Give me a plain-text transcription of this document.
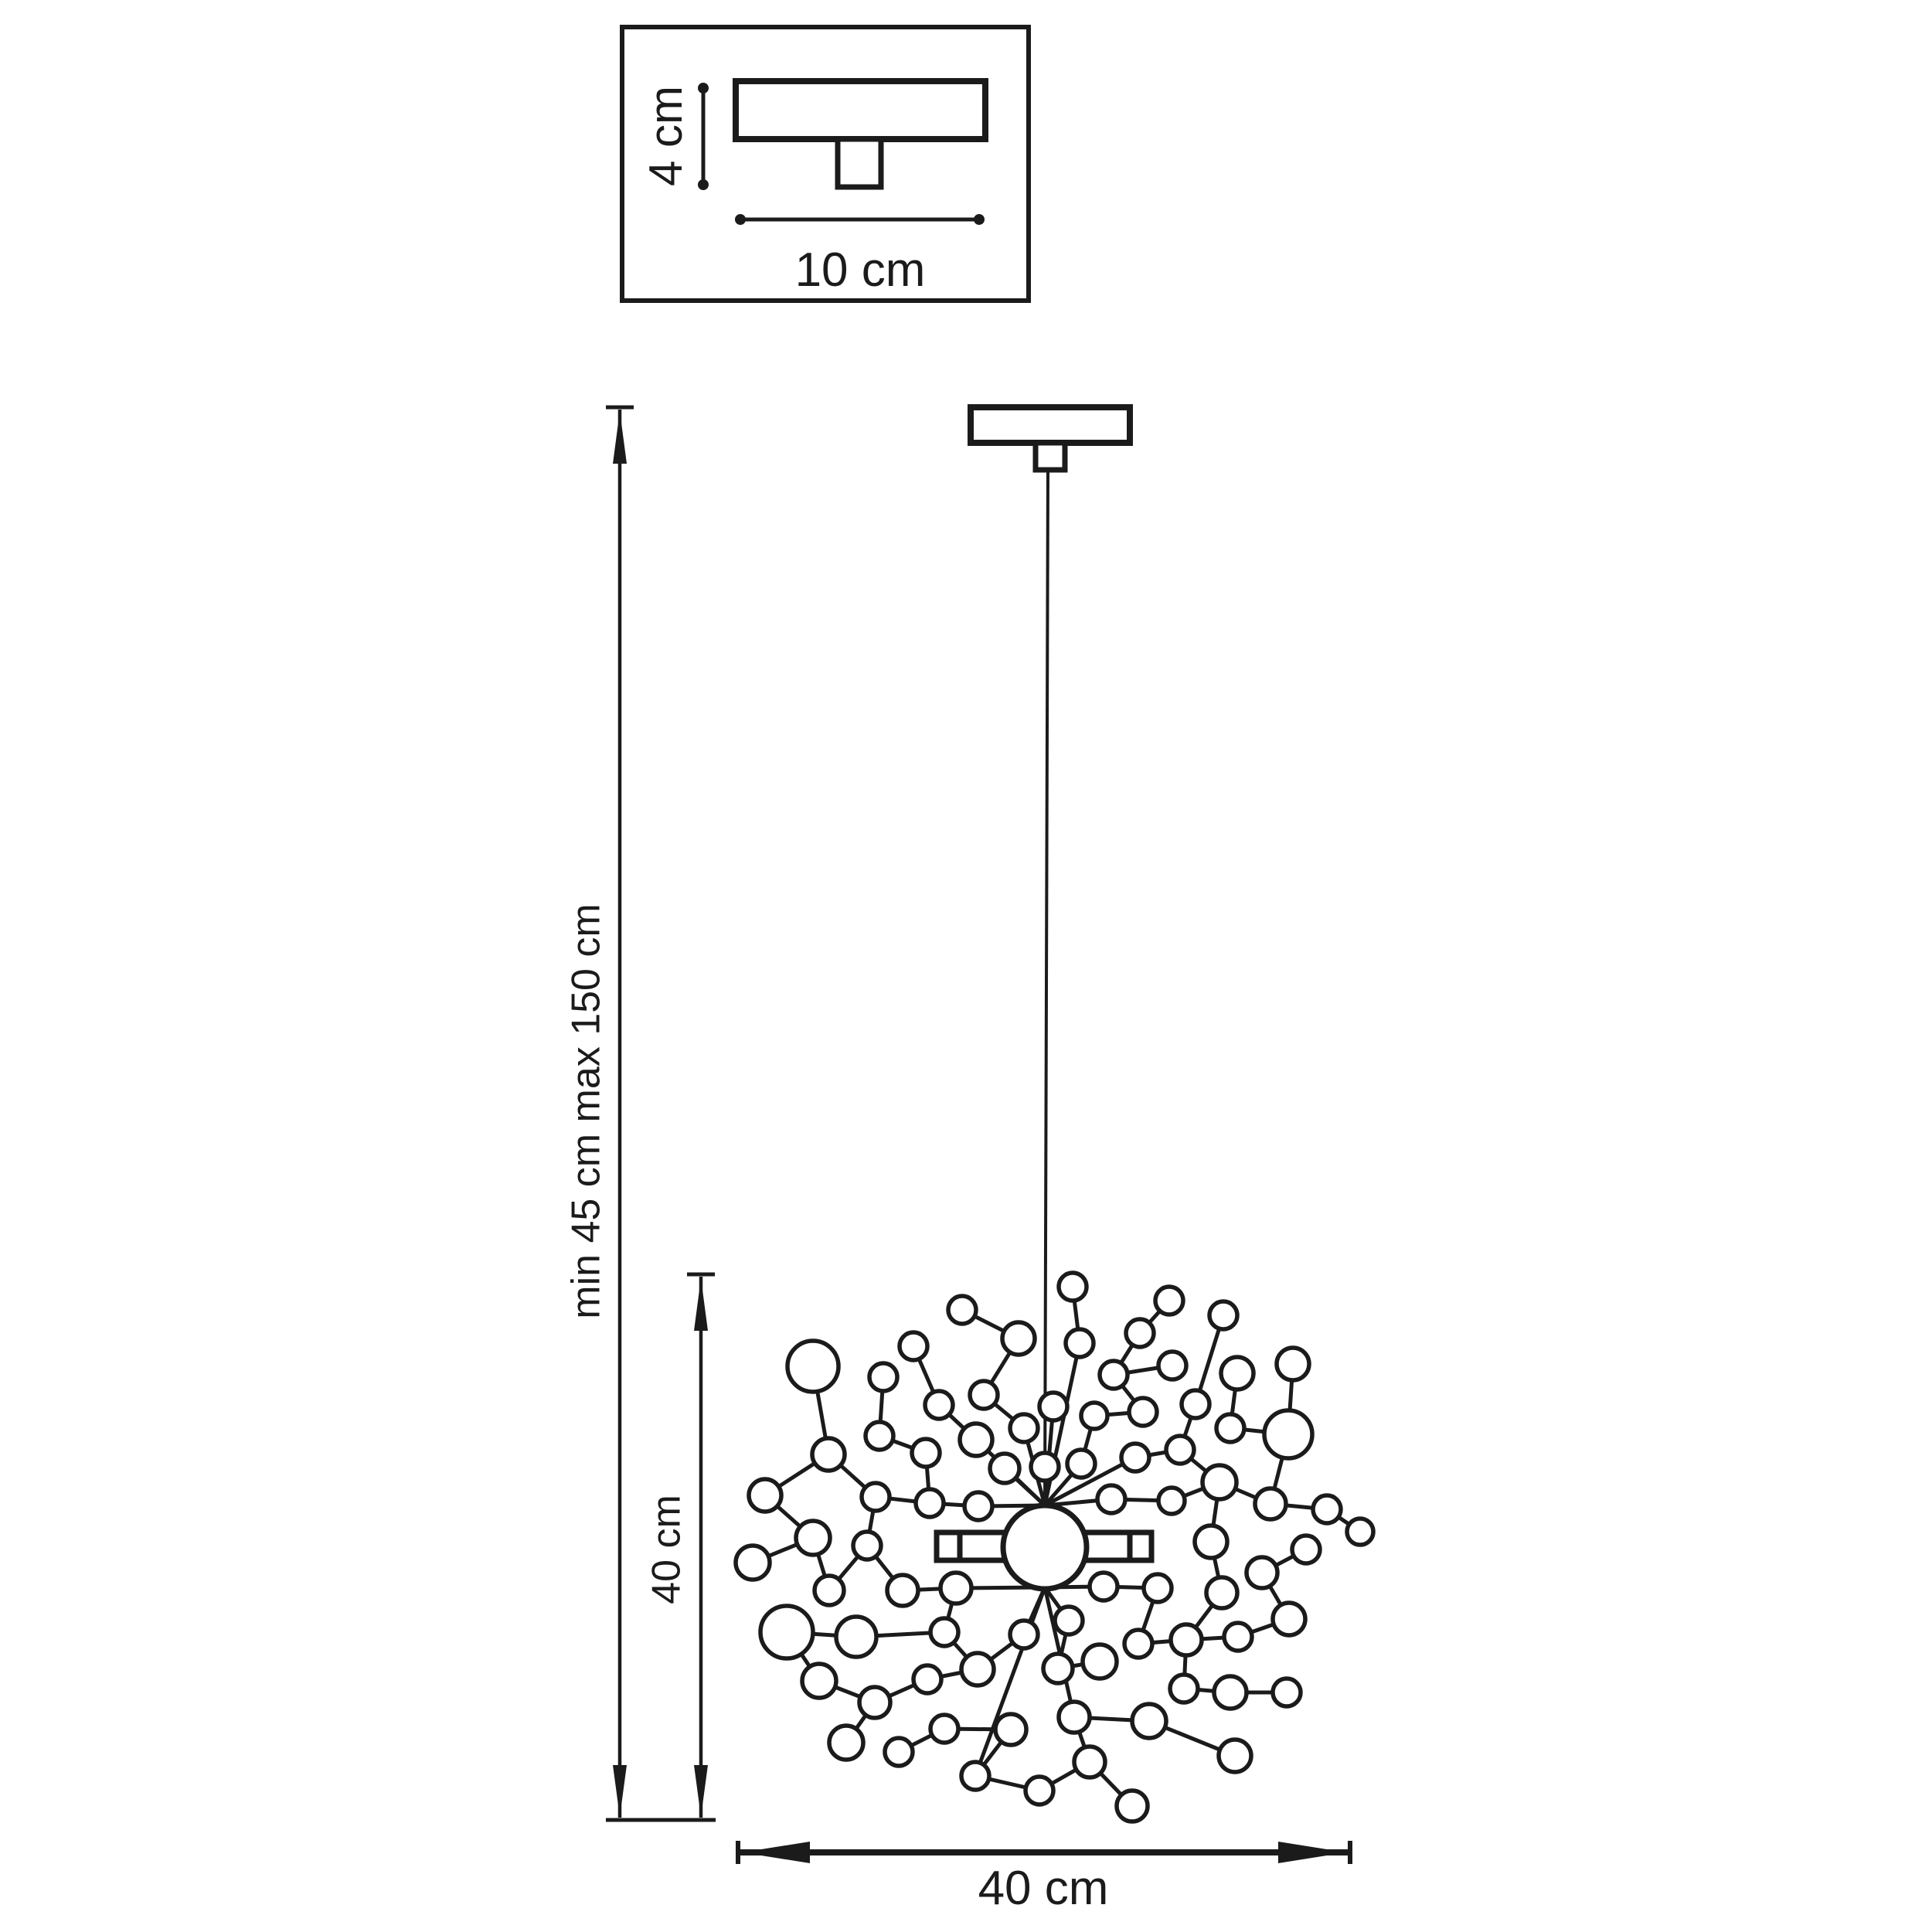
4 cm
10 cm
min 45 cm max 150 cm
40 cm
40 cm
